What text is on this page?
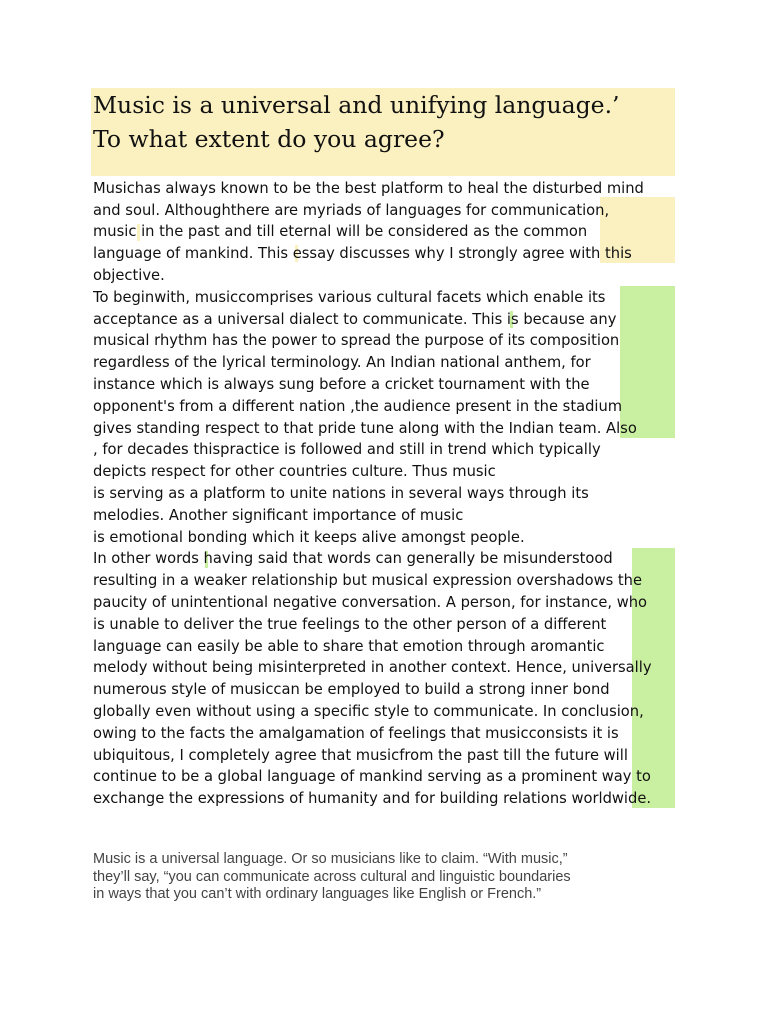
Music is a universal and unifying language.’
To what extent do you agree?
Musichas always known to be the best platform to heal the disturbed mind
and soul. Althoughthere are myriads of languages for communication,
music in the past and till eternal will be considered as the common
language of mankind. This essay discusses why I strongly agree with this
objective.
To beginwith, musiccomprises various cultural facets which enable its
acceptance as a universal dialect to communicate. This is because any
musical rhythm has the power to spread the purpose of its composition
regardless of the lyrical terminology. An Indian national anthem, for
instance which is always sung before a cricket tournament with the
opponent's from a different nation ,the audience present in the stadium
gives standing respect to that pride tune along with the Indian team. Also
, for decades thispractice is followed and still in trend which typically
depicts respect for other countries culture. Thus music
is serving as a platform to unite nations in several ways through its
melodies. Another significant importance of music
is emotional bonding which it keeps alive amongst people.
In other words having said that words can generally be misunderstood
resulting in a weaker relationship but musical expression overshadows the
paucity of unintentional negative conversation. A person, for instance, who
is unable to deliver the true feelings to the other person of a different
language can easily be able to share that emotion through aromantic
melody without being misinterpreted in another context. Hence, universally
numerous style of musiccan be employed to build a strong inner bond
globally even without using a specific style to communicate. In conclusion,
owing to the facts the amalgamation of feelings that musicconsists it is
ubiquitous, I completely agree that musicfrom the past till the future will
continue to be a global language of mankind serving as a prominent way to
exchange the expressions of humanity and for building relations worldwide.
Music is a universal language. Or so musicians like to claim. “With music,”
they’ll say, “you can communicate across cultural and linguistic boundaries
in ways that you can’t with ordinary languages like English or French.”
